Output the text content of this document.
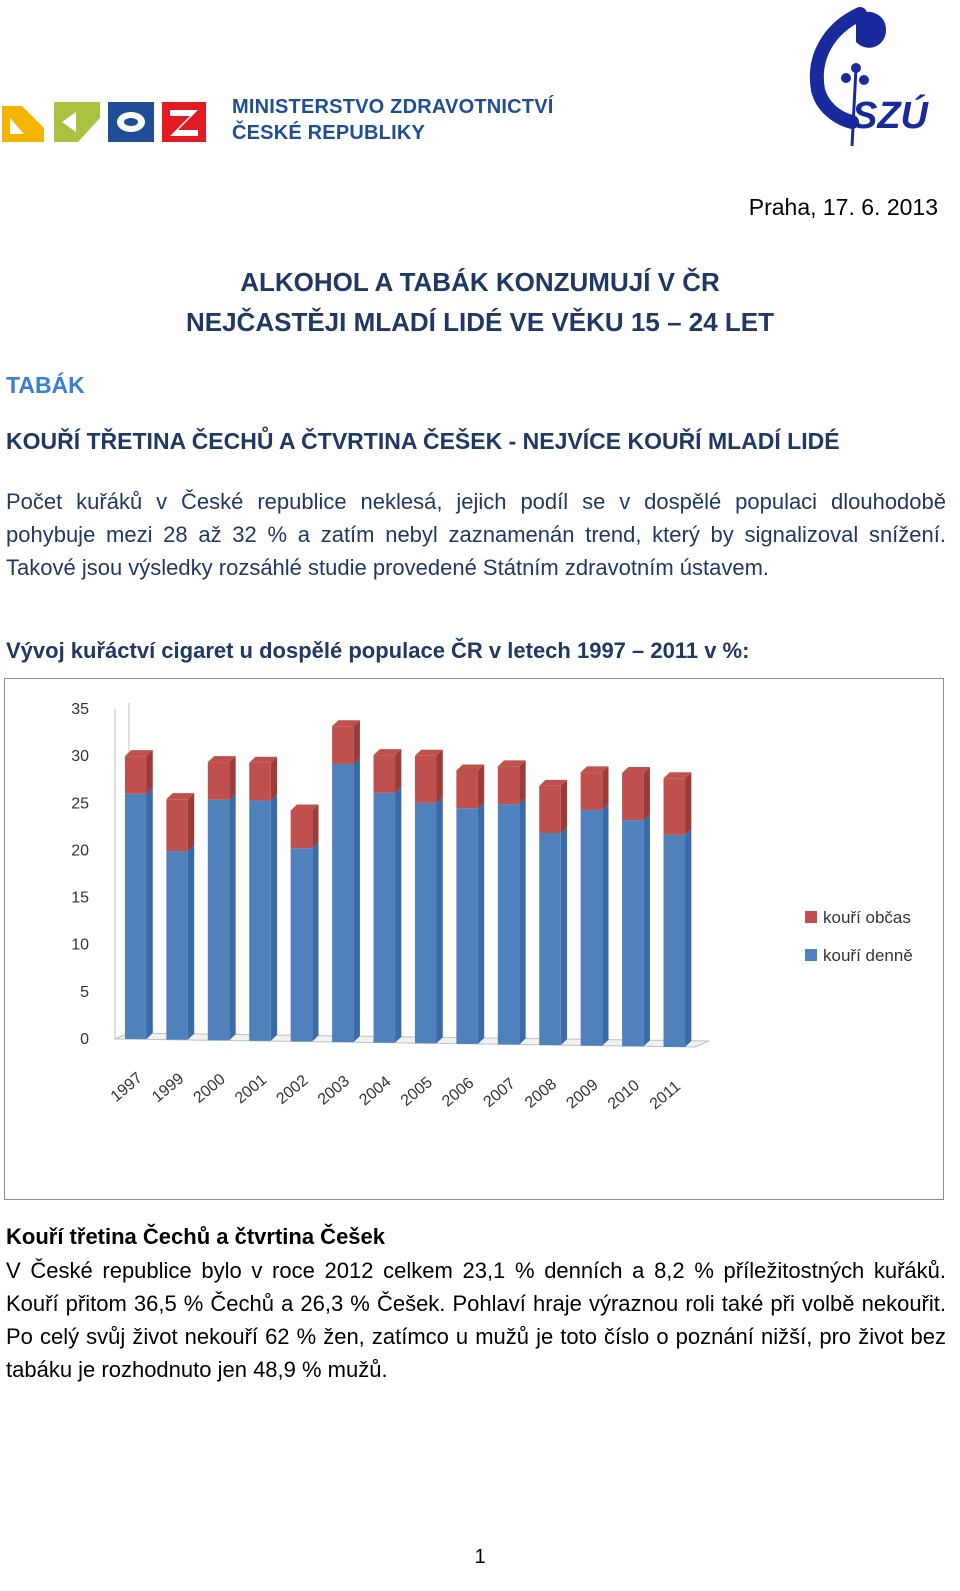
MINISTERSTVO ZDRAVOTNICTVÍ
ČESKÉ REPUBLIKY	SZÚ
Praha, 17. 6. 2013
ALKOHOL A TABÁK KONZUMUJÍ V ČR
NEJČASTĚJI MLADÍ LIDÉ VE VĚKU 15 – 24 LET
TABÁK
KOUŘÍ TŘETINA ČECHŮ A ČTVRTINA ČEŠEK - NEJVÍCE KOUŘÍ MLADÍ LIDÉ
Počet kuřáků v České republice neklesá, jejich podíl se v dospělé populaci dlouhodobě pohybuje mezi 28 až 32 % a zatím nebyl zaznamenán trend, který by signalizoval snížení. Takové jsou výsledky rozsáhlé studie provedené Státním zdravotním ústavem.
Vývoj kuřáctví cigaret u dospělé populace ČR v letech 1997 – 2011 v %:
0
5
10
15
20
25
30
35
1997 1999 2000 2001 2002 2003 2004 2005 2006 2007 2008 2009 2010 2011
kouří občas
kouří denně
Kouří třetina Čechů a čtvrtina Češek
V České republice bylo v roce 2012 celkem 23,1 % denních a 8,2 % příležitostných kuřáků. Kouří přitom 36,5 % Čechů a 26,3 % Češek. Pohlaví hraje výraznou roli také při volbě nekouřit. Po celý svůj život nekouří 62 % žen, zatímco u mužů je toto číslo o poznání nižší, pro život bez tabáku je rozhodnuto jen 48,9 % mužů.
1
